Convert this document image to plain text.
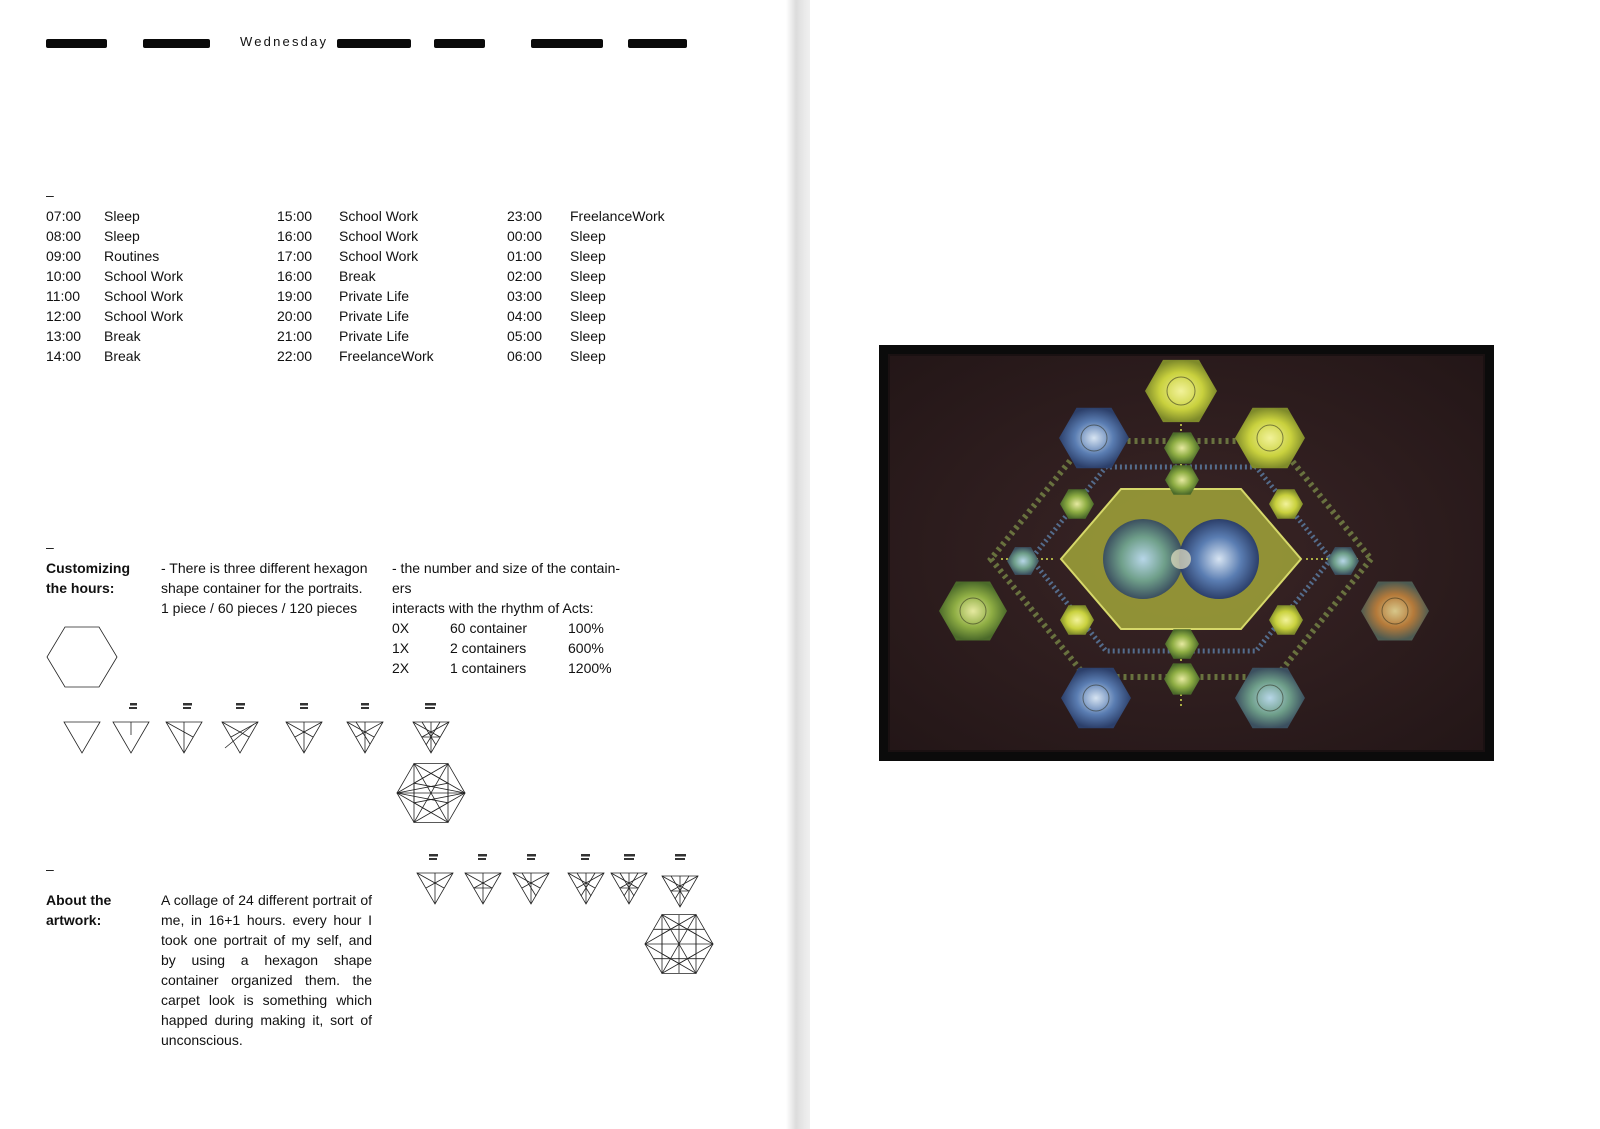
Wednesday
–
07:00 Sleep
08:00 Sleep
09:00 Routines
10:00 School Work
11:00 School Work
12:00 School Work
13:00 Break
14:00 Break
15:00 School Work
16:00 School Work
17:00 School Work
16:00 Break
19:00 Private Life
20:00 Private Life
21:00 Private Life
22:00 FreelanceWork
23:00 FreelanceWork
00:00 Sleep
01:00 Sleep
02:00 Sleep
03:00 Sleep
04:00 Sleep
05:00 Sleep
06:00 Sleep
–
Customizing
the hours:
- There is three different hexagon
shape container for the portraits.
1 piece / 60 pieces / 120 pieces
- the number and size of the contain-
ers
interacts with the rhythm of Acts:
0X	60 container	100%
1X	2 containers	600%
2X	1 containers	1200%
–
About the
artwork:
A collage of 24 different portrait of me, in 16+1 hours. every hour I took one portrait of my self, and by using a hexagon shape container organized them. the carpet look is something which happed during making it, sort of unconscious.
